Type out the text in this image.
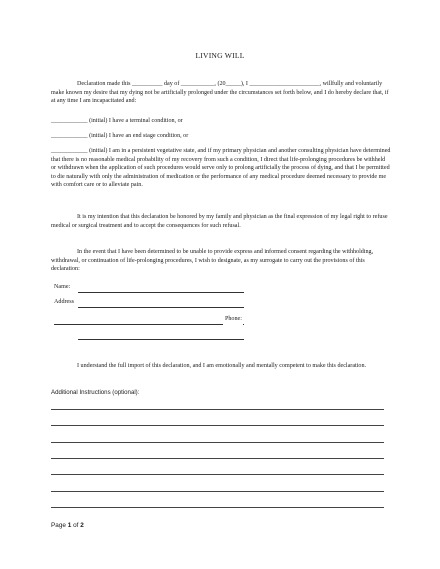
LIVING WILL

Declaration made this __________ day of ___________, (20_____), I _______________________, willfully and voluntarily make known my desire that my dying not be artificially prolonged under the circumstances set forth below, and I do hereby declare that, if at any time I am incapacitated and:

____________ (initial) I have a terminal condition, or
____________ (initial) I have an end stage condition, or

____________ (initial) I am in a persistent vegetative state, and if my primary physician and another consulting physician have determined that there is no reasonable medical probability of my recovery from such a condition, I direct that life-prolonging procedures be withheld or withdrawn when the application of such procedures would serve only to prolong artificially the process of dying, and that I be permitted to die naturally with only the administration of medication or the performance of any medical procedure deemed necessary to provide me with comfort care or to alleviate pain.

It is my intention that this declaration be honored by my family and physician as the final expression of my legal right to refuse medical or surgical treatment and to accept the consequences for such refusal.

In the event that I have been determined to be unable to provide express and informed consent regarding the withholding, withdrawal, or continuation of life-prolonging procedures, I wish to designate, as my surrogate to carry out the provisions of this declaration:

Name:
Address
Phone:

I understand the full import of this declaration, and I am emotionally and mentally competent to make this declaration.

Additional Instructions (optional):
Page 1 of 2
